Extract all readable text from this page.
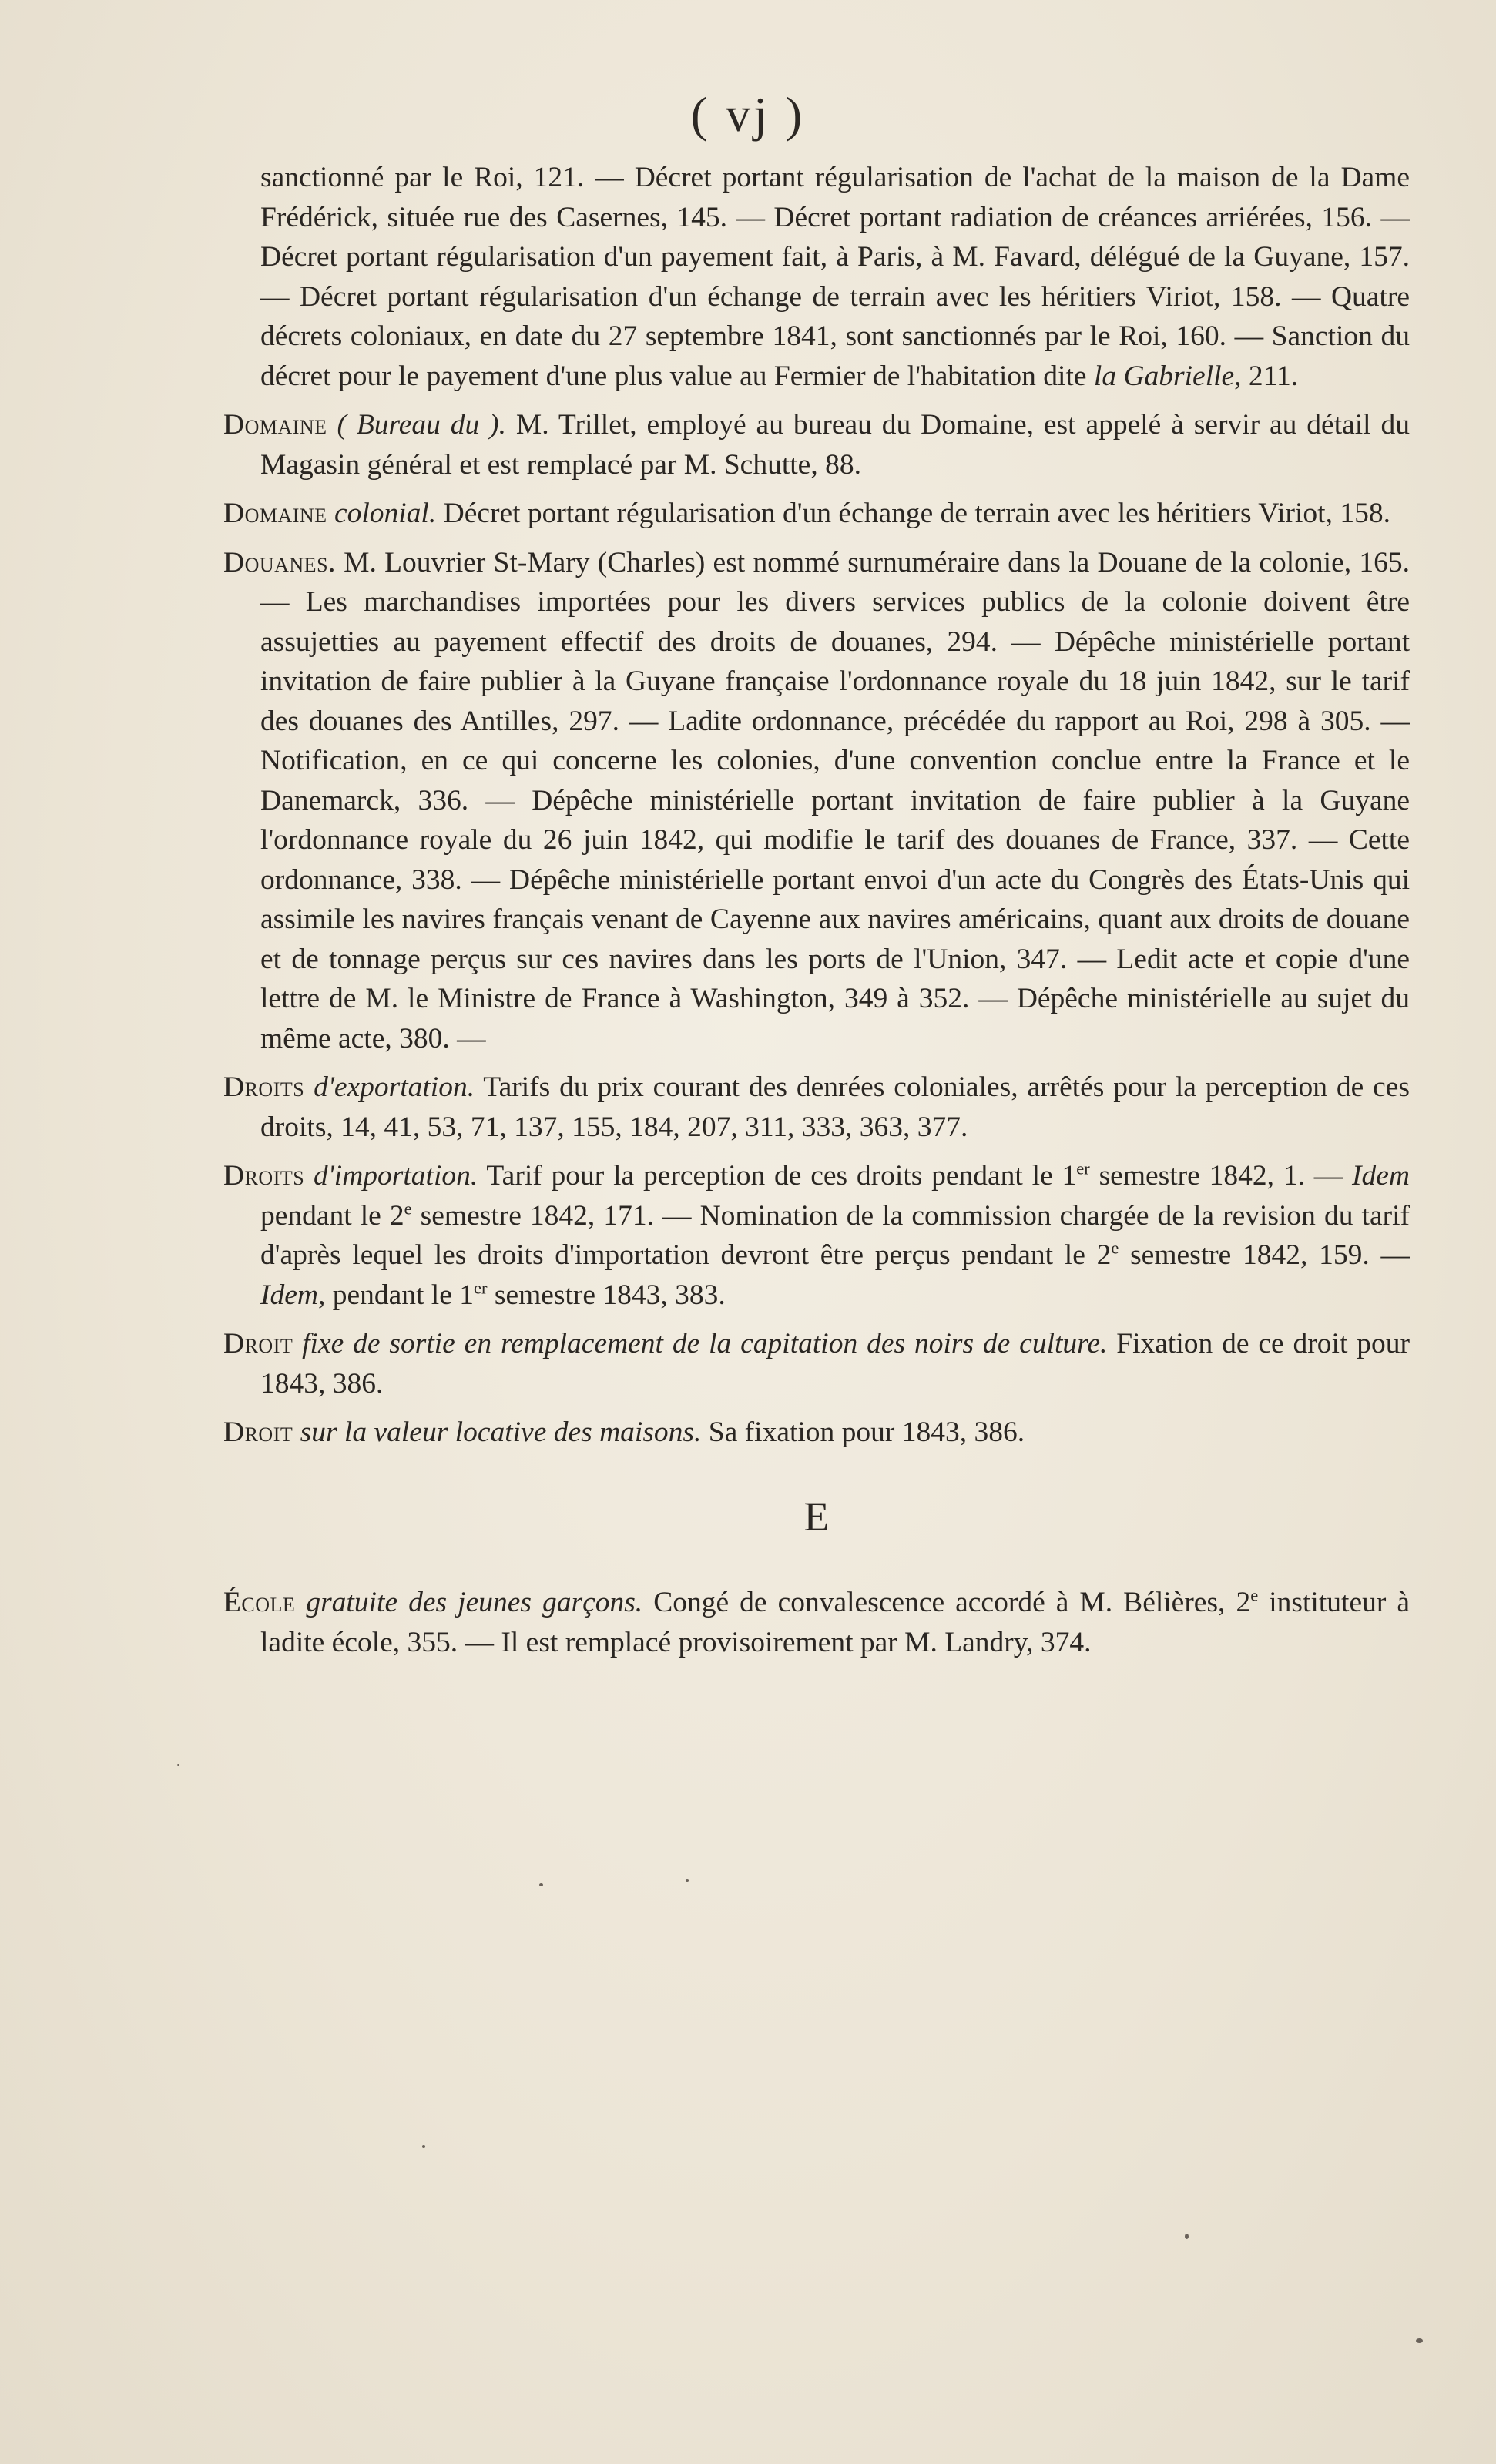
( vj )

sanctionné par le Roi, 121. — Décret portant régularisation de l'achat de la maison de la Dame Frédérick, située rue des Casernes, 145. — Décret portant radiation de créances arriérées, 156. — Décret portant régularisation d'un payement fait, à Paris, à M. Favard, délégué de la Guyane, 157. — Décret portant régularisation d'un échange de terrain avec les héritiers Viriot, 158. — Quatre décrets coloniaux, en date du 27 septembre 1841, sont sanctionnés par le Roi, 160. — Sanction du décret pour le payement d'une plus value au Fermier de l'habitation dite la Gabrielle, 211.

Domaine ( Bureau du ). M. Trillet, employé au bureau du Domaine, est appelé à servir au détail du Magasin général et est remplacé par M. Schutte, 88.

Domaine colonial. Décret portant régularisation d'un échange de terrain avec les héritiers Viriot, 158.

Douanes. M. Louvrier St-Mary (Charles) est nommé surnuméraire dans la Douane de la colonie, 165. — Les marchandises importées pour les divers services publics de la colonie doivent être assujetties au payement effectif des droits de douanes, 294. — Dépêche ministérielle portant invitation de faire publier à la Guyane française l'ordonnance royale du 18 juin 1842, sur le tarif des douanes des Antilles, 297. — Ladite ordonnance, précédée du rapport au Roi, 298 à 305. — Notification, en ce qui concerne les colonies, d'une convention conclue entre la France et le Danemarck, 336. — Dépêche ministérielle portant invitation de faire publier à la Guyane l'ordonnance royale du 26 juin 1842, qui modifie le tarif des douanes de France, 337. — Cette ordonnance, 338. — Dépêche ministérielle portant envoi d'un acte du Congrès des États-Unis qui assimile les navires français venant de Cayenne aux navires américains, quant aux droits de douane et de tonnage perçus sur ces navires dans les ports de l'Union, 347. — Ledit acte et copie d'une lettre de M. le Ministre de France à Washington, 349 à 352. — Dépêche ministérielle au sujet du même acte, 380. —

Droits d'exportation. Tarifs du prix courant des denrées coloniales, arrêtés pour la perception de ces droits, 14, 41, 53, 71, 137, 155, 184, 207, 311, 333, 363, 377.

Droits d'importation. Tarif pour la perception de ces droits pendant le 1er semestre 1842, 1. — Idem pendant le 2e semestre 1842, 171. — Nomination de la commission chargée de la revision du tarif d'après lequel les droits d'importation devront être perçus pendant le 2e semestre 1842, 159. — Idem, pendant le 1er semestre 1843, 383.

Droit fixe de sortie en remplacement de la capitation des noirs de culture. Fixation de ce droit pour 1843, 386.

Droit sur la valeur locative des maisons. Sa fixation pour 1843, 386.

E

École gratuite des jeunes garçons. Congé de convalescence accordé à M. Bélières, 2e instituteur à ladite école, 355. — Il est remplacé provisoirement par M. Landry, 374.
